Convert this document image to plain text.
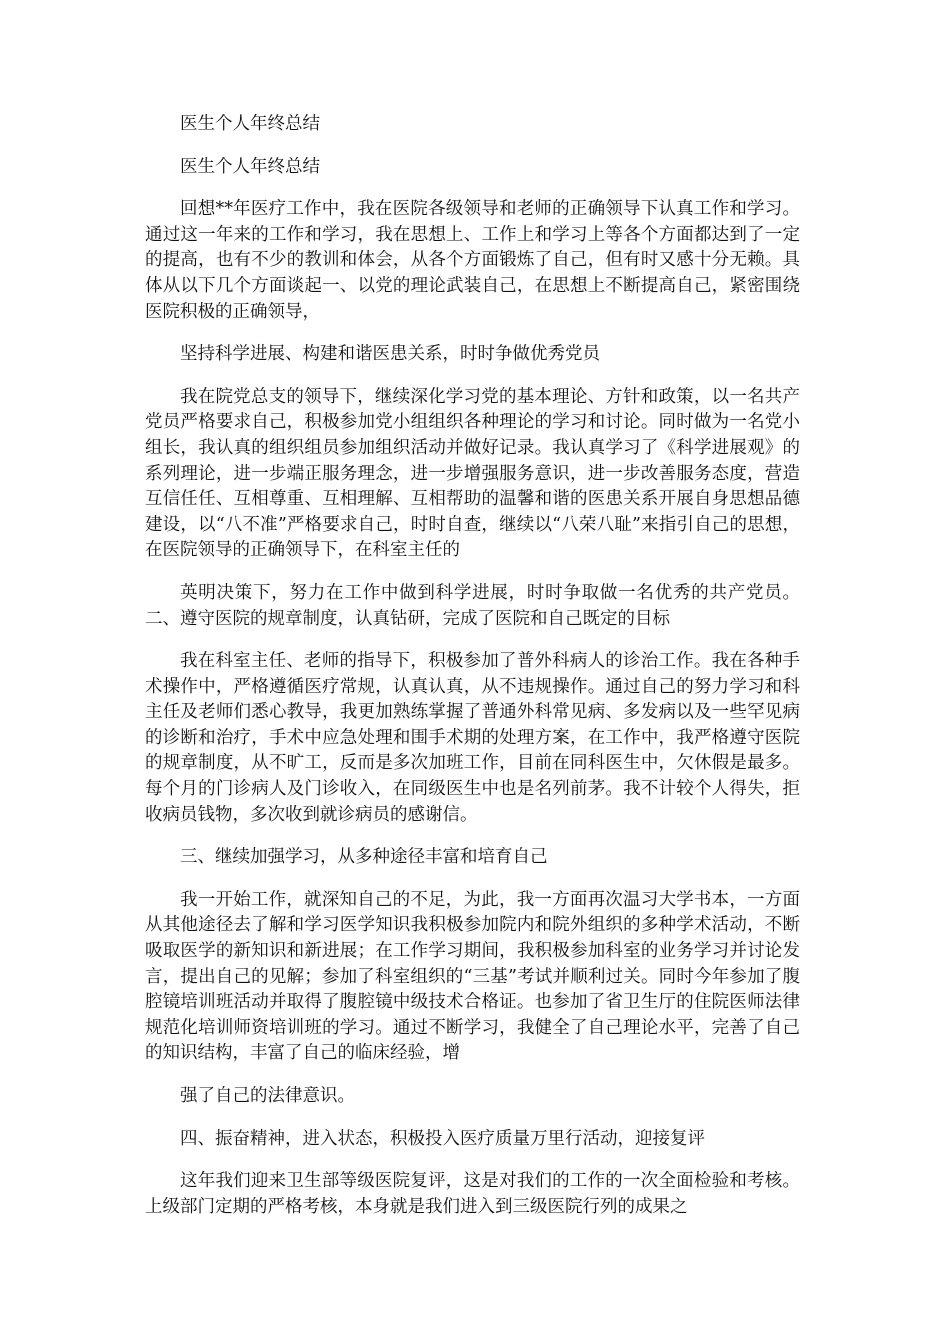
医生个人年终总结

医生个人年终总结

回想**年医疗工作中，我在医院各级领导和老师的正确领导下认真工作和学习。通过这一年来的工作和学习，我在思想上、工作上和学习上等各个方面都达到了一定的提高，也有不少的教训和体会，从各个方面锻炼了自己，但有时又感十分无赖。具体从以下几个方面谈起一、以党的理论武装自己，在思想上不断提高自己，紧密围绕医院积极的正确领导，

坚持科学进展、构建和谐医患关系，时时争做优秀党员

我在院党总支的领导下，继续深化学习党的基本理论、方针和政策，以一名共产党员严格要求自己，积极参加党小组组织各种理论的学习和讨论。同时做为一名党小组长，我认真的组织组员参加组织活动并做好记录。我认真学习了《科学进展观》的系列理论，进一步端正服务理念，进一步增强服务意识，进一步改善服务态度，营造互信任任、互相尊重、互相理解、互相帮助的温馨和谐的医患关系开展自身思想品德建设，以“八不准”严格要求自己，时时自查，继续以“八荣八耻”来指引自己的思想，在医院领导的正确领导下，在科室主任的

英明决策下，努力在工作中做到科学进展，时时争取做一名优秀的共产党员。二、遵守医院的规章制度，认真钻研，完成了医院和自己既定的目标

我在科室主任、老师的指导下，积极参加了普外科病人的诊治工作。我在各种手术操作中，严格遵循医疗常规，认真认真，从不违规操作。通过自己的努力学习和科主任及老师们悉心教导，我更加熟练掌握了普通外科常见病、多发病以及一些罕见病的诊断和治疗，手术中应急处理和围手术期的处理方案，在工作中，我严格遵守医院的规章制度，从不旷工，反而是多次加班工作，目前在同科医生中，欠休假是最多。每个月的门诊病人及门诊收入，在同级医生中也是名列前茅。我不计较个人得失，拒收病员钱物，多次收到就诊病员的感谢信。

三、继续加强学习，从多种途径丰富和培育自己

我一开始工作，就深知自己的不足，为此，我一方面再次温习大学书本，一方面从其他途径去了解和学习医学知识我积极参加院内和院外组织的多种学术活动，不断吸取医学的新知识和新进展；在工作学习期间，我积极参加科室的业务学习并讨论发言，提出自己的见解；参加了科室组织的“三基”考试并顺利过关。同时今年参加了腹腔镜培训班活动并取得了腹腔镜中级技术合格证。也参加了省卫生厅的住院医师法律规范化培训师资培训班的学习。通过不断学习，我健全了自己理论水平，完善了自己的知识结构，丰富了自己的临床经验，增

强了自己的法律意识。

四、振奋精神，进入状态，积极投入医疗质量万里行活动，迎接复评

这年我们迎来卫生部等级医院复评，这是对我们的工作的一次全面检验和考核。上级部门定期的严格考核，本身就是我们进入到三级医院行列的成果之
